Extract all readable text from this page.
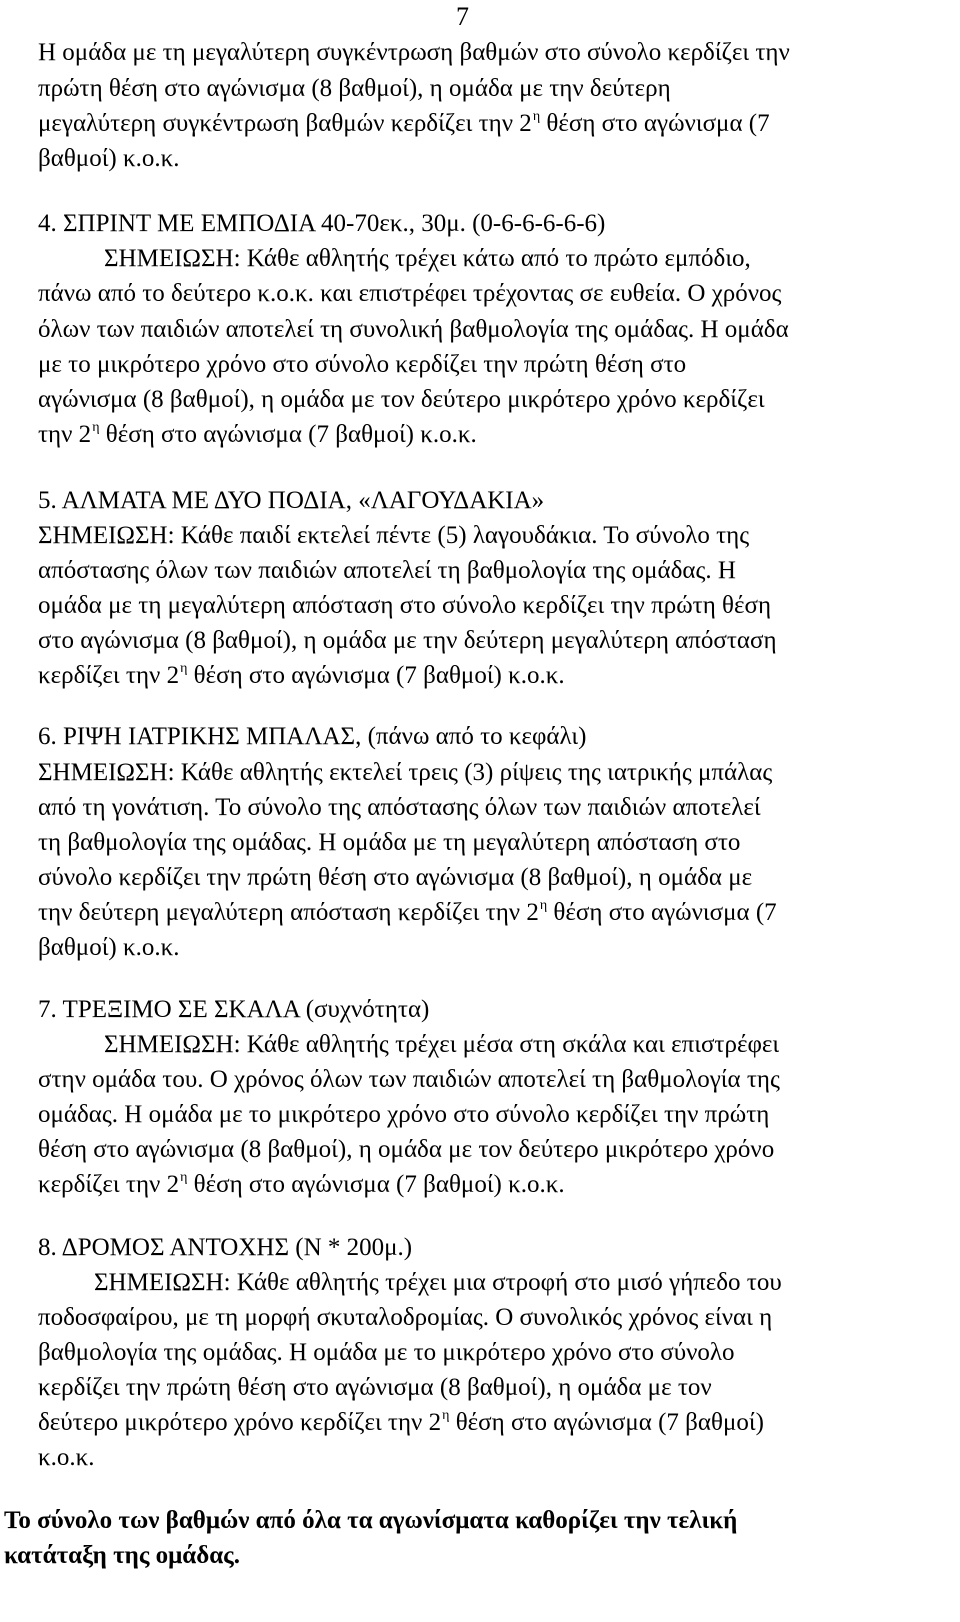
7
Η ομάδα με τη μεγαλύτερη συγκέντρωση βαθμών στο σύνολο κερδίζει την
πρώτη θέση στο αγώνισμα (8 βαθμοί), η ομάδα με την δεύτερη
μεγαλύτερη συγκέντρωση βαθμών κερδίζει την $2^\eta$ θέση στο αγώνισμα (7
βαθμοί) κ.ο.κ.
4. ΣΠΡΙΝΤ ΜΕ ΕΜΠΟΔΙΑ 40-70εκ., 30μ. (0-6-6-6-6-6)
ΣΗΜΕΙΩΣΗ: Κάθε αθλητής τρέχει κάτω από το πρώτο εμπόδιο,
πάνω από το δεύτερο κ.ο.κ. και επιστρέφει τρέχοντας σε ευθεία. Ο χρόνος
όλων των παιδιών αποτελεί τη συνολική βαθμολογία της ομάδας. Η ομάδα
με το μικρότερο χρόνο στο σύνολο κερδίζει την πρώτη θέση στο
αγώνισμα (8 βαθμοί), η ομάδα με τον δεύτερο μικρότερο χρόνο κερδίζει
την $2^\eta$ θέση στο αγώνισμα (7 βαθμοί) κ.ο.κ.
5. ΑΛΜΑΤΑ ΜΕ ΔΥΟ ΠΟΔΙΑ, «ΛΑΓΟΥΔΑΚΙΑ»
ΣΗΜΕΙΩΣΗ: Κάθε παιδί εκτελεί πέντε (5) λαγουδάκια. Το σύνολο της
απόστασης όλων των παιδιών αποτελεί τη βαθμολογία της ομάδας. Η
ομάδα με τη μεγαλύτερη απόσταση στο σύνολο κερδίζει την πρώτη θέση
στο αγώνισμα (8 βαθμοί), η ομάδα με την δεύτερη μεγαλύτερη απόσταση
κερδίζει την $2^\eta$ θέση στο αγώνισμα (7 βαθμοί) κ.ο.κ.
6. ΡΙΨΗ ΙΑΤΡΙΚΗΣ ΜΠΑΛΑΣ, (πάνω από το κεφάλι)
ΣΗΜΕΙΩΣΗ: Κάθε αθλητής εκτελεί τρεις (3) ρίψεις της ιατρικής μπάλας
από τη γονάτιση. Το σύνολο της απόστασης όλων των παιδιών αποτελεί
τη βαθμολογία της ομάδας. Η ομάδα με τη μεγαλύτερη απόσταση στο
σύνολο κερδίζει την πρώτη θέση στο αγώνισμα (8 βαθμοί), η ομάδα με
την δεύτερη μεγαλύτερη απόσταση κερδίζει την $2^\eta$ θέση στο αγώνισμα (7
βαθμοί) κ.ο.κ.
7. ΤΡΕΞΙΜΟ ΣΕ ΣΚΑΛΑ (συχνότητα)
ΣΗΜΕΙΩΣΗ: Κάθε αθλητής τρέχει μέσα στη σκάλα και επιστρέφει
στην ομάδα του. Ο χρόνος όλων των παιδιών αποτελεί τη βαθμολογία της
ομάδας. Η ομάδα με το μικρότερο χρόνο στο σύνολο κερδίζει την πρώτη
θέση στο αγώνισμα (8 βαθμοί), η ομάδα με τον δεύτερο μικρότερο χρόνο
κερδίζει την $2^\eta$ θέση στο αγώνισμα (7 βαθμοί) κ.ο.κ.
8. ΔΡΟΜΟΣ ΑΝΤΟΧΗΣ (Ν * 200μ.)
ΣΗΜΕΙΩΣΗ: Κάθε αθλητής τρέχει μια στροφή στο μισό γήπεδο του
ποδοσφαίρου, με τη μορφή σκυταλοδρομίας. Ο συνολικός χρόνος είναι η
βαθμολογία της ομάδας. Η ομάδα με το μικρότερο χρόνο στο σύνολο
κερδίζει την πρώτη θέση στο αγώνισμα (8 βαθμοί), η ομάδα με τον
δεύτερο μικρότερο χρόνο κερδίζει την $2^\eta$ θέση στο αγώνισμα (7 βαθμοί)
κ.ο.κ.
Το σύνολο των βαθμών από όλα τα αγωνίσματα καθορίζει την τελική
κατάταξη της ομάδας.
